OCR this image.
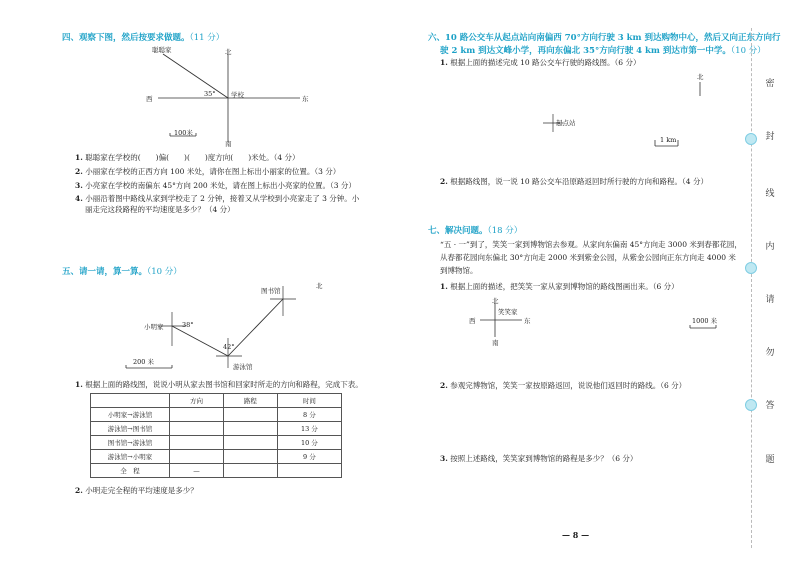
四、观察下图，然后按要求做题。（11 分）
聪聪家	北
西
35° 学校	东
100米
南
1. 聪聪家在学校的(　　)偏(　　)(　　)度方向(　　)米处。（4 分）
2. 小丽家在学校的正西方向 100 米处，请你在图上标出小丽家的位置。（3 分）
3. 小亮家在学校的南偏东 45°方向 200 米处，请在图上标出小亮家的位置。（3 分）
4. 小丽沿着图中路线从家到学校走了 2 分钟，接着又从学校到小亮家走了 3 分钟。小
丽走完这段路程的平均速度是多少？（4 分）
五、请一请，算一算。（10 分）
图书馆
北
小明家	38°
42°
200 米
游泳馆
1. 根据上面的路线图，说说小明从家去图书馆和回家时所走的方向和路程，完成下表。
	方向	路程	时间
小明家→游泳馆			8 分
游泳馆→图书馆			13 分
图书馆→游泳馆			10 分
游泳馆→小明家			9 分
全　程	—		
2. 小明走完全程的平均速度是多少？
六、10 路公交车从起点站向南偏西 70°方向行驶 3 km 到达购物中心，然后又向正东方向行
驶 2 km 到达文峰小学，再向东偏北 35°方向行驶 4 km 到达市第一中学。（10 分）
1. 根据上面的描述完成 10 路公交车行驶的路线图。（6 分）
北
起点站
1 km
2. 根据路线图，说一说 10 路公交车沿原路返回时所行驶的方向和路程。（4 分）
七、解决问题。（18 分）
“五 · 一”到了，笑笑一家到博物馆去参观。从家向东偏南 45°方向走 3000 米到春都花园，
从春都花园向东偏北 30°方向走 2000 米到紫金公园，从紫金公园向正东方向走 4000 米
到博物馆。
1. 根据上面的描述，把笑笑一家从家到博物馆的路线图画出来。（6 分）
北
笑笑家
西	东	1000 米
南
2. 参观完博物馆，笑笑一家按原路返回，说说他们返回时的路线。（6 分）
3. 按照上述路线，笑笑家到博物馆的路程是多少？（6 分）
— 8 —
密
封
线
内
请
勿
答
题
